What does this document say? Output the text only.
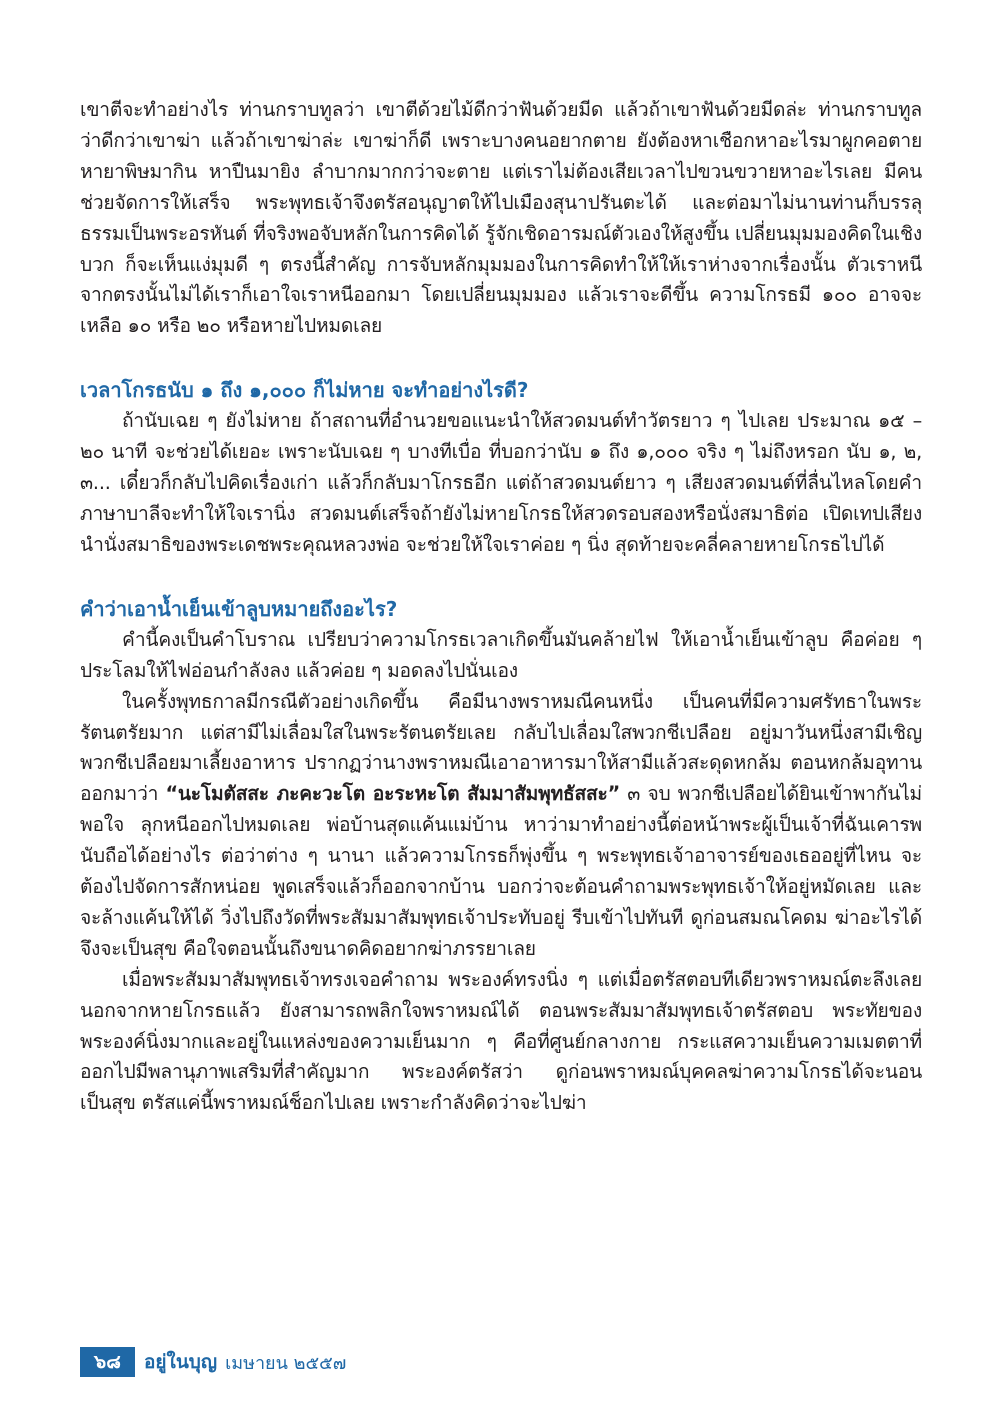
เขาตีจะทำอย่างไร ท่านกราบทูลว่า เขาตีด้วยไม้ดีกว่าฟันด้วยมีด แล้วถ้าเขาฟันด้วยมีดล่ะ ท่านกราบทูลว่าดีกว่าเขาฆ่า แล้วถ้าเขาฆ่าล่ะ เขาฆ่าก็ดี เพราะบางคนอยากตาย ยังต้องหาเชือกหาอะไรมาผูกคอตาย หายาพิษมากิน หาปืนมายิง ลำบากมากกว่าจะตาย แต่เราไม่ต้องเสียเวลาไปขวนขวายหาอะไรเลย มีคนช่วยจัดการให้เสร็จ พระพุทธเจ้าจึงตรัสอนุญาตให้ไปเมืองสุนาปรันตะได้ และต่อมาไม่นานท่านก็บรรลุธรรมเป็นพระอรหันต์ ที่จริงพอจับหลักในการคิดได้ รู้จักเชิดอารมณ์ตัวเองให้สูงขึ้น เปลี่ยนมุมมองคิดในเชิงบวก ก็จะเห็นแง่มุมดี ๆ ตรงนี้สำคัญ การจับหลักมุมมองในการคิดทำให้ให้เราห่างจากเรื่องนั้น ตัวเราหนีจากตรงนั้นไม่ได้เราก็เอาใจเราหนีออกมา โดยเปลี่ยนมุมมอง แล้วเราจะดีขึ้น ความโกรธมี ๑๐๐ อาจจะเหลือ ๑๐ หรือ ๒๐ หรือหายไปหมดเลย

เวลาโกรธนับ ๑ ถึง ๑,๐๐๐ ก็ไม่หาย จะทำอย่างไรดี?

ถ้านับเฉย ๆ ยังไม่หาย ถ้าสถานที่อำนวยขอแนะนำให้สวดมนต์ทำวัตรยาว ๆ ไปเลย ประมาณ ๑๕ – ๒๐ นาที จะช่วยได้เยอะ เพราะนับเฉย ๆ บางทีเบื่อ ที่บอกว่านับ ๑ ถึง ๑,๐๐๐ จริง ๆ ไม่ถึงหรอก นับ ๑, ๒, ๓... เดี๋ยวก็กลับไปคิดเรื่องเก่า แล้วก็กลับมาโกรธอีก แต่ถ้าสวดมนต์ยาว ๆ เสียงสวดมนต์ที่ลื่นไหลโดยคำภาษาบาลีจะทำให้ใจเรานิ่ง สวดมนต์เสร็จถ้ายังไม่หายโกรธให้สวดรอบสองหรือนั่งสมาธิต่อ เปิดเทปเสียงนำนั่งสมาธิของพระเดชพระคุณหลวงพ่อ จะช่วยให้ใจเราค่อย ๆ นิ่ง สุดท้ายจะคลี่คลายหายโกรธไปได้

คำว่าเอาน้ำเย็นเข้าลูบหมายถึงอะไร?

คำนี้คงเป็นคำโบราณ เปรียบว่าความโกรธเวลาเกิดขึ้นมันคล้ายไฟ ให้เอาน้ำเย็นเข้าลูบ คือค่อย ๆ ประโลมให้ไฟอ่อนกำลังลง แล้วค่อย ๆ มอดลงไปนั่นเอง

ในครั้งพุทธกาลมีกรณีตัวอย่างเกิดขึ้น คือมีนางพราหมณีคนหนึ่ง เป็นคนที่มีความศรัทธาในพระรัตนตรัยมาก แต่สามีไม่เลื่อมใสในพระรัตนตรัยเลย กลับไปเลื่อมใสพวกชีเปลือย อยู่มาวันหนึ่งสามีเชิญพวกชีเปลือยมาเลี้ยงอาหาร ปรากฏว่านางพราหมณีเอาอาหารมาให้สามีแล้วสะดุดหกล้ม ตอนหกล้มอุทานออกมาว่า “นะโมตัสสะ ภะคะวะโต อะระหะโต สัมมาสัมพุทธัสสะ” ๓ จบ พวกชีเปลือยได้ยินเข้าพากันไม่พอใจ ลุกหนีออกไปหมดเลย พ่อบ้านสุดแค้นแม่บ้าน หาว่ามาทำอย่างนี้ต่อหน้าพระผู้เป็นเจ้าที่ฉันเคารพนับถือได้อย่างไร ต่อว่าต่าง ๆ นานา แล้วความโกรธก็พุ่งขึ้น ๆ พระพุทธเจ้าอาจารย์ของเธออยู่ที่ไหน จะต้องไปจัดการสักหน่อย พูดเสร็จแล้วก็ออกจากบ้าน บอกว่าจะต้อนคำถามพระพุทธเจ้าให้อยู่หมัดเลย และจะล้างแค้นให้ได้ วิ่งไปถึงวัดที่พระสัมมาสัมพุทธเจ้าประทับอยู่ รีบเข้าไปทันที ดูก่อนสมณโคดม ฆ่าอะไรได้จึงจะเป็นสุข คือใจตอนนั้นถึงขนาดคิดอยากฆ่าภรรยาเลย

เมื่อพระสัมมาสัมพุทธเจ้าทรงเจอคำถาม พระองค์ทรงนิ่ง ๆ แต่เมื่อตรัสตอบทีเดียวพราหมณ์ตะลึงเลย นอกจากหายโกรธแล้ว ยังสามารถพลิกใจพราหมณ์ได้ ตอนพระสัมมาสัมพุทธเจ้าตรัสตอบ พระทัยของพระองค์นิ่งมากและอยู่ในแหล่งของความเย็นมาก ๆ คือที่ศูนย์กลางกาย กระแสความเย็นความเมตตาที่ออกไปมีพลานุภาพเสริมที่สำคัญมาก พระองค์ตรัสว่า ดูก่อนพราหมณ์บุคคลฆ่าความโกรธได้จะนอนเป็นสุข ตรัสแค่นี้พราหมณ์ช็อกไปเลย เพราะกำลังคิดว่าจะไปฆ่า

๖๘	อยู่ในบุญ เมษายน ๒๕๕๗
